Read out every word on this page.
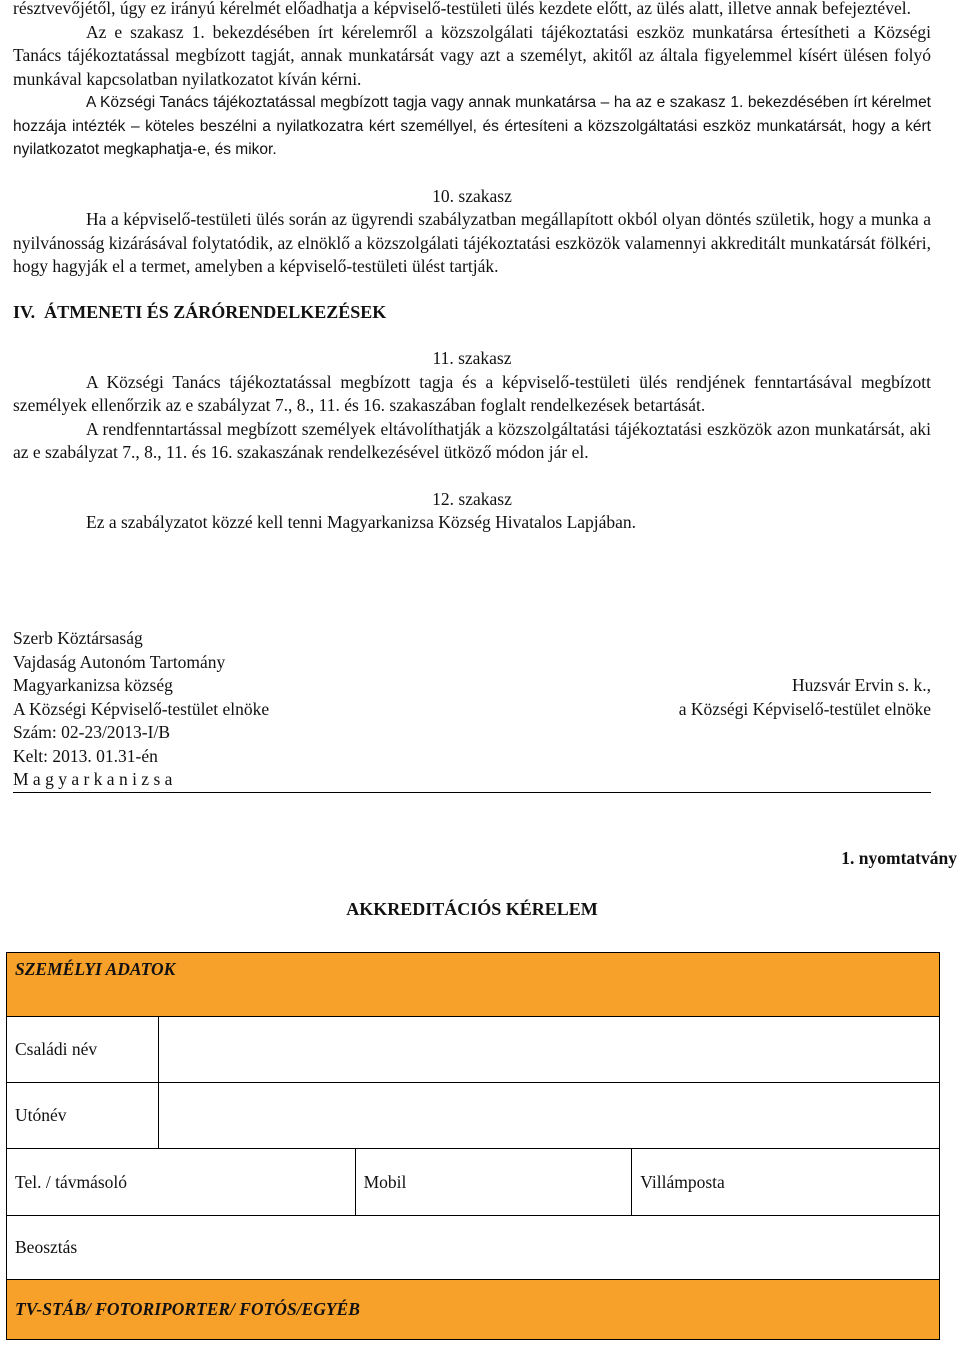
résztvevőjétől, úgy ez irányú kérelmét előadhatja a képviselő-testületi ülés kezdete előtt, az ülés alatt, illetve annak befejeztével.

Az e szakasz 1. bekezdésében írt kérelemről a közszolgálati tájékoztatási eszköz munkatársa értesítheti a Községi Tanács tájékoztatással megbízott tagját, annak munkatársát vagy azt a személyt, akitől az általa figyelemmel kísért ülésen folyó munkával kapcsolatban nyilatkozatot kíván kérni.

A Községi Tanács tájékoztatással megbízott tagja vagy annak munkatársa – ha az e szakasz 1. bekezdésében írt kérelmet hozzája intézték – köteles beszélni a nyilatkozatra kért személlyel, és értesíteni a közszolgáltatási eszköz munkatársát, hogy a kért nyilatkozatot megkaphatja-e, és mikor.

10. szakasz

Ha a képviselő-testületi ülés során az ügyrendi szabályzatban megállapított okból olyan döntés születik, hogy a munka a nyilvánosság kizárásával folytatódik, az elnöklő a közszolgálati tájékoztatási eszközök valamennyi akkreditált munkatársát fölkéri, hogy hagyják el a termet, amelyben a képviselő-testületi ülést tartják.

IV.  ÁTMENETI ÉS ZÁRÓRENDELKEZÉSEK

11. szakasz

A Községi Tanács tájékoztatással megbízott tagja és a képviselő-testületi ülés rendjének fenntartásával megbízott személyek ellenőrzik az e szabályzat 7., 8., 11. és 16. szakaszában foglalt rendelkezések betartását.

A rendfenntartással megbízott személyek eltávolíthatják a közszolgáltatási tájékoztatási eszközök azon munkatársát, aki az e szabályzat 7., 8., 11. és 16. szakaszának rendelkezésével ütköző módon jár el.

12. szakasz

Ez a szabályzatot közzé kell tenni Magyarkanizsa Község Hivatalos Lapjában.

Szerb Köztársaság
Vajdaság Autonóm Tartomány
Magyarkanizsa község
A Községi Képviselő-testület elnöke
Szám: 02-23/2013-I/B
Kelt: 2013. 01.31-én
M a g y a r k a n i z s a
Huzsvár Ervin s. k.,
a Községi Képviselő-testület elnöke
1. nyomtatvány
AKKREDITÁCIÓS KÉRELEM
SZEMÉLYI ADATOK			
Családi név			
Utónév			
Tel. / távmásoló		Mobil	Villámposta
Beosztás			
TV-STÁB/ FOTORIPORTER/ FOTÓS/EGYÉB			
